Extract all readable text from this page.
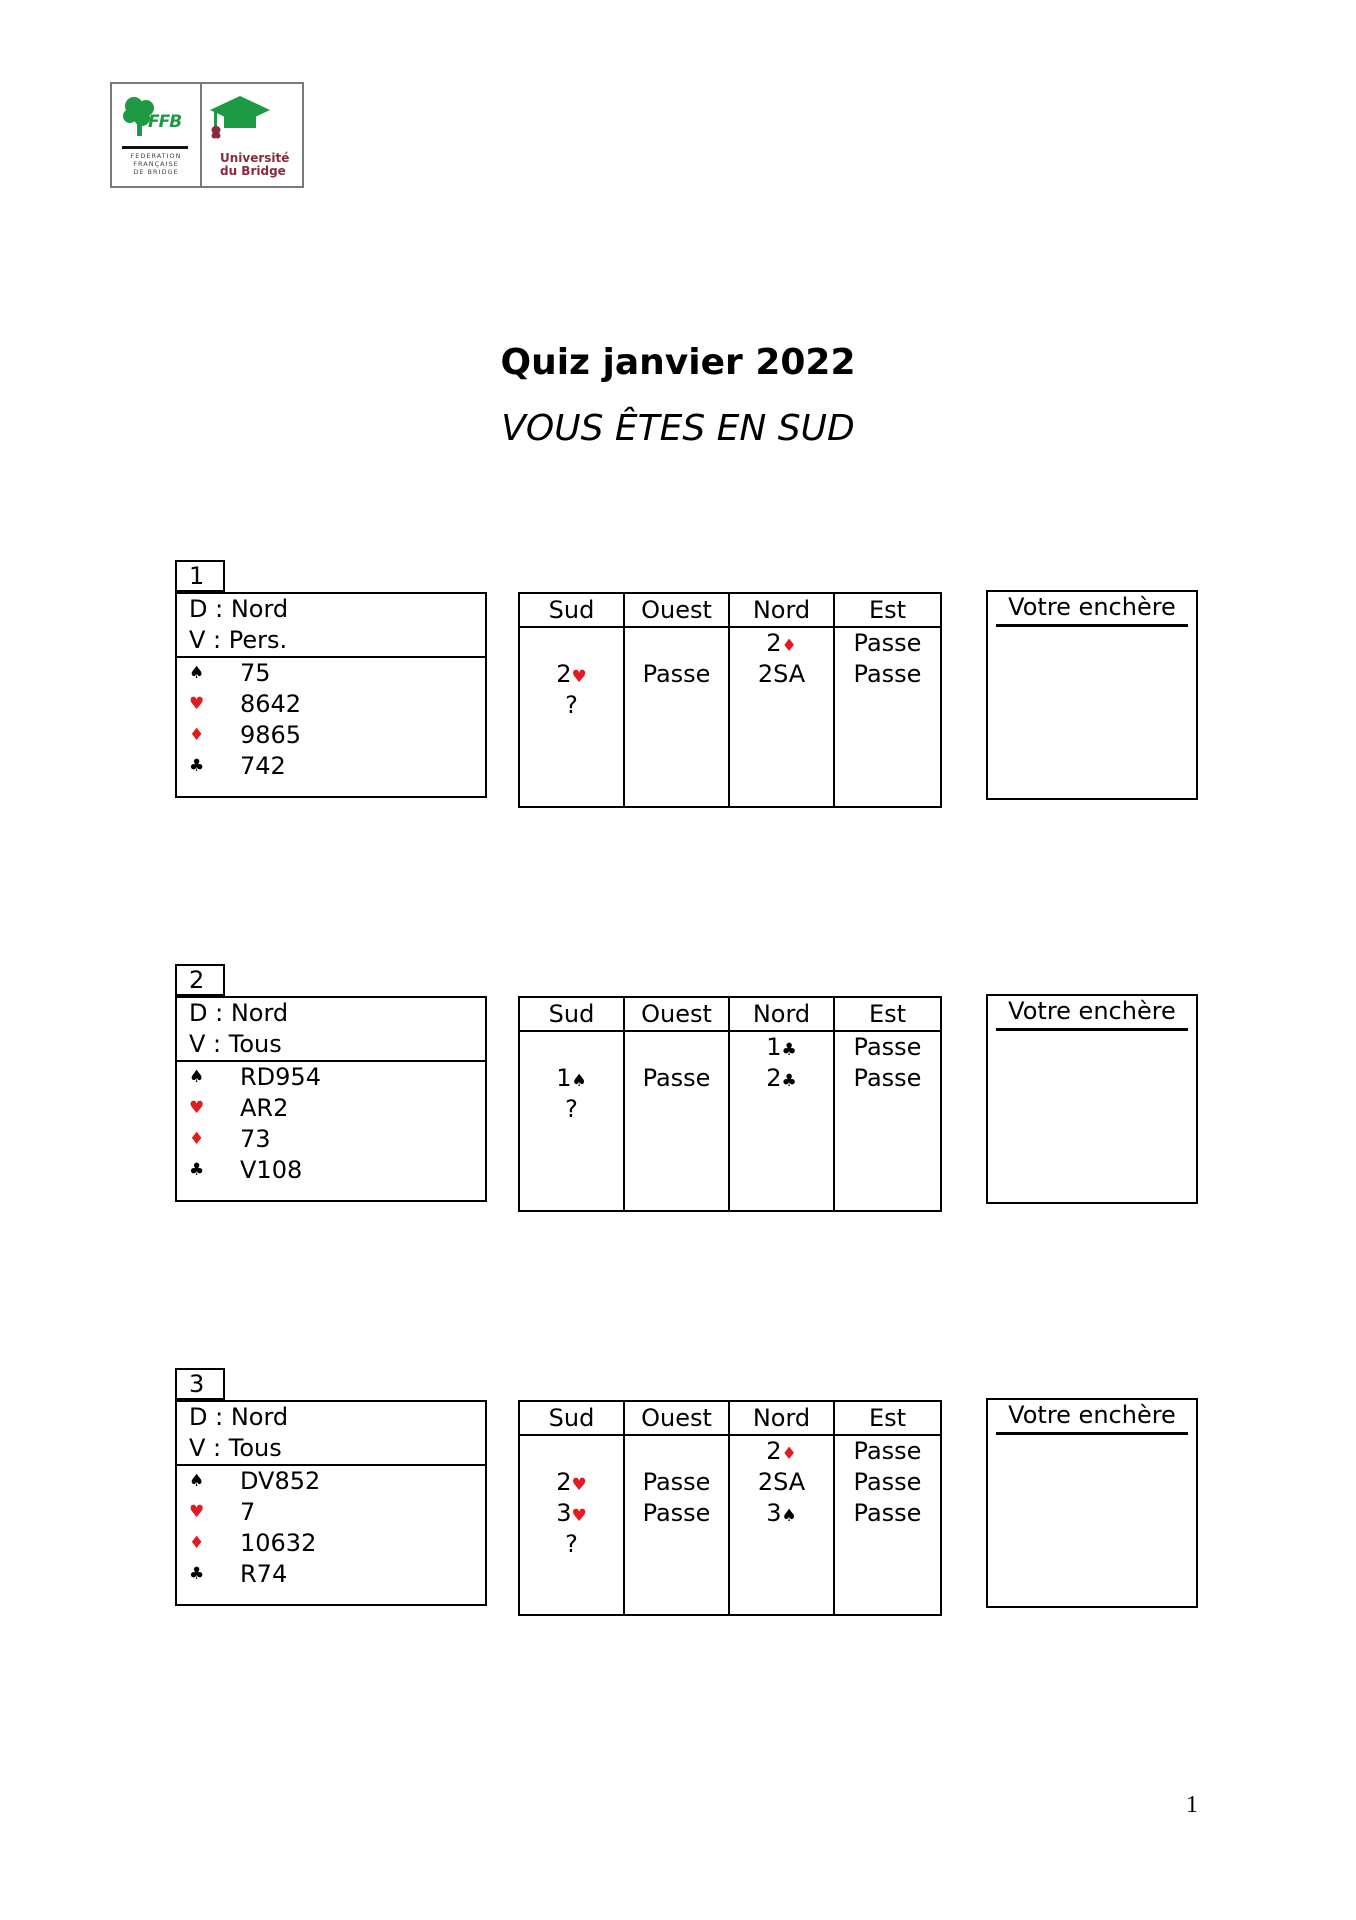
FFB
FEDERATION
FRANÇAISE
DE BRIDGE
Université
du Bridge
Quiz janvier 2022
VOUS ÊTES EN SUD
1
D : Nord
V : Pers.
♠ 75
♥ 8642
♦ 9865
♣ 742
Sud
2♥
?
Ouest
Passe
Nord
2♦
2SA
Est
Passe
Passe
Votre enchère
2
D : Nord
V : Tous
♠ RD954
♥ AR2
♦ 73
♣ V108
Sud
1♠
?
Ouest
Passe
Nord
1♣
2♣
Est
Passe
Passe
Votre enchère
3
D : Nord
V : Tous
♠ DV852
♥ 7
♦ 10632
♣ R74
Sud
2♥
3♥
?
Ouest
Passe
Passe
Nord
2♦
2SA
3♠
Est
Passe
Passe
Passe
Votre enchère
1
